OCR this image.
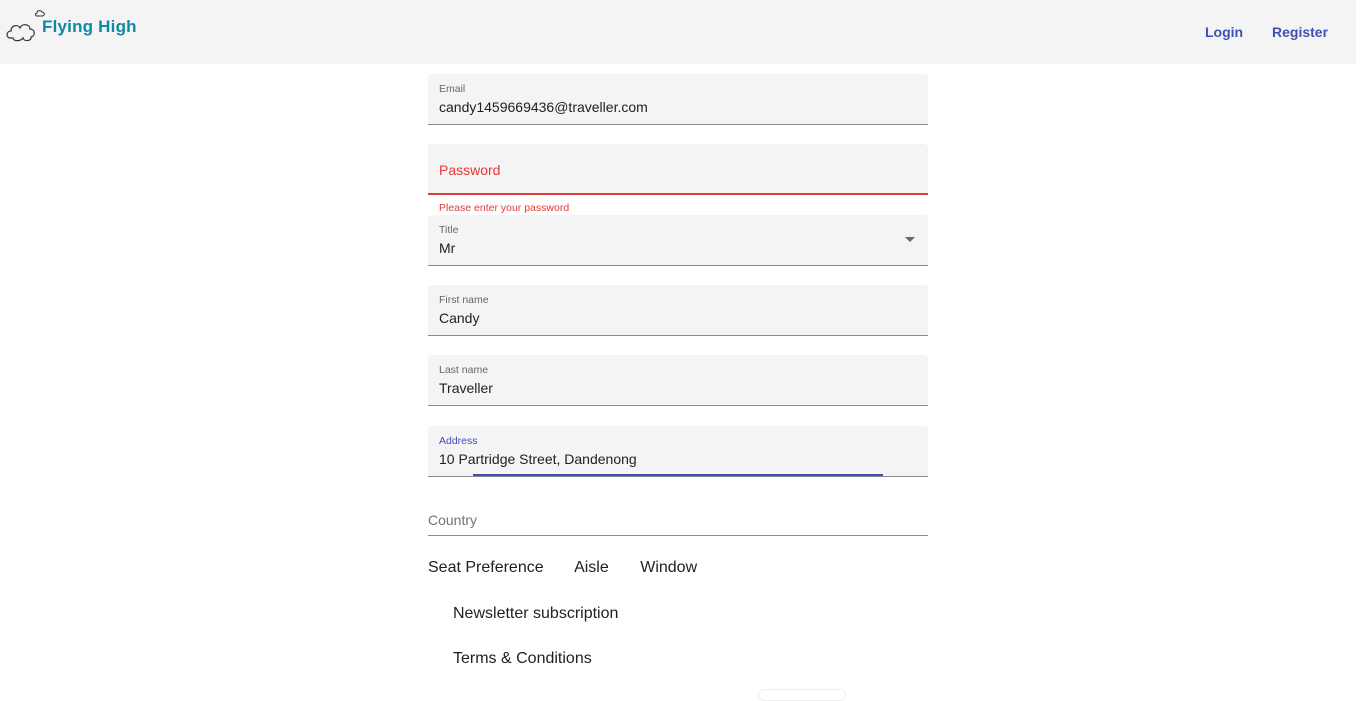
Flying High	Login Register
Email
candy1459669436@traveller.com
Password
Please enter your password
Title
Mr
First name
Candy
Last name
Traveller
Address
10 Partridge Street, Dandenong
Country
Seat Preference Aisle Window
Newsletter subscription
Terms & Conditions
